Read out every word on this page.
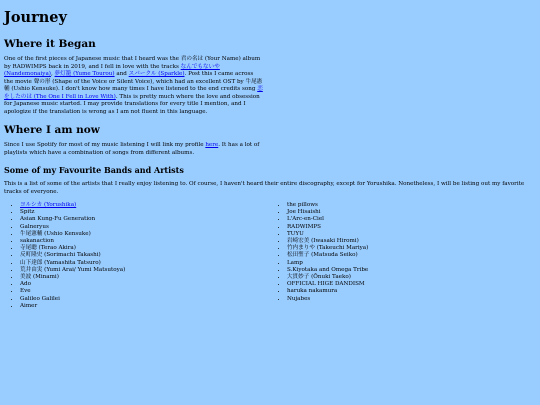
Journey
Where it Began

One of the first pieces of Japanese music that I heard was the 君の名は (Your Name) album by RADWIMPS back in 2019, and I fell in love with the tracks なんでもないや (Nandemonaiya), 夢灯籠 (Yume Tourou) and スパークル (Sparkle). Post this I came across the movie 聲の形 (Shape of the Voice or Silent Voice), which had an excellent OST by 牛尾憲輔 (Ushio Kensuke). I don't know how many times I have listened to the end credits song 恋をしたのは (The One I Fell in Love With). This is pretty much where the love and obsession for Japanese music started. I may provide translations for every title I mention, and I apologize if the translation is wrong as I am not fluent in this language.

Where I am now

Since I use Spotify for most of my music listening I will link my profile here. It has a lot of playlists which have a combination of songs from different albums.

Some of my Favourite Bands and Artists

This is a list of some of the artists that I really enjoy listening to. Of course, I haven't heard their entire discography, except for Yorushika. Nonetheless, I will be listing out my favorite tracks of everyone.

• ヨルシカ (Yorushika)
• Spitz
• Asian Kung-Fu Generation
• Galneryus
• 牛尾憲輔 (Ushio Kensuke)
• sakanaction
• 寺尾聰 (Terao Akira)
• 反町隆史 (Sorimachi Takashi)
• 山下達郎 (Yamashita Tatsuro)
• 荒井由実 (Yumi Arai/ Yumi Matsutoya)
• 美波 (Minami)
• Ado
• Eve
• Galileo Galilei
• Aimer
• the pillows
• Joe Hisaishi
• L'Arc-en-Ciel
• RADWIMPS
• TUYU
• 岩崎宏美 (Iwasaki Hiromi)
• 竹内まりや (Takeuchi Mariya)
• 松田聖子 (Matsuda Seiko)
• Lamp
• S.Kiyotaka and Omega Tribe
• 大貫妙子 (Ōnuki Taeko)
• OFFICIAL HIGE DANDISM
• haruka nakamura
• Nujabes
